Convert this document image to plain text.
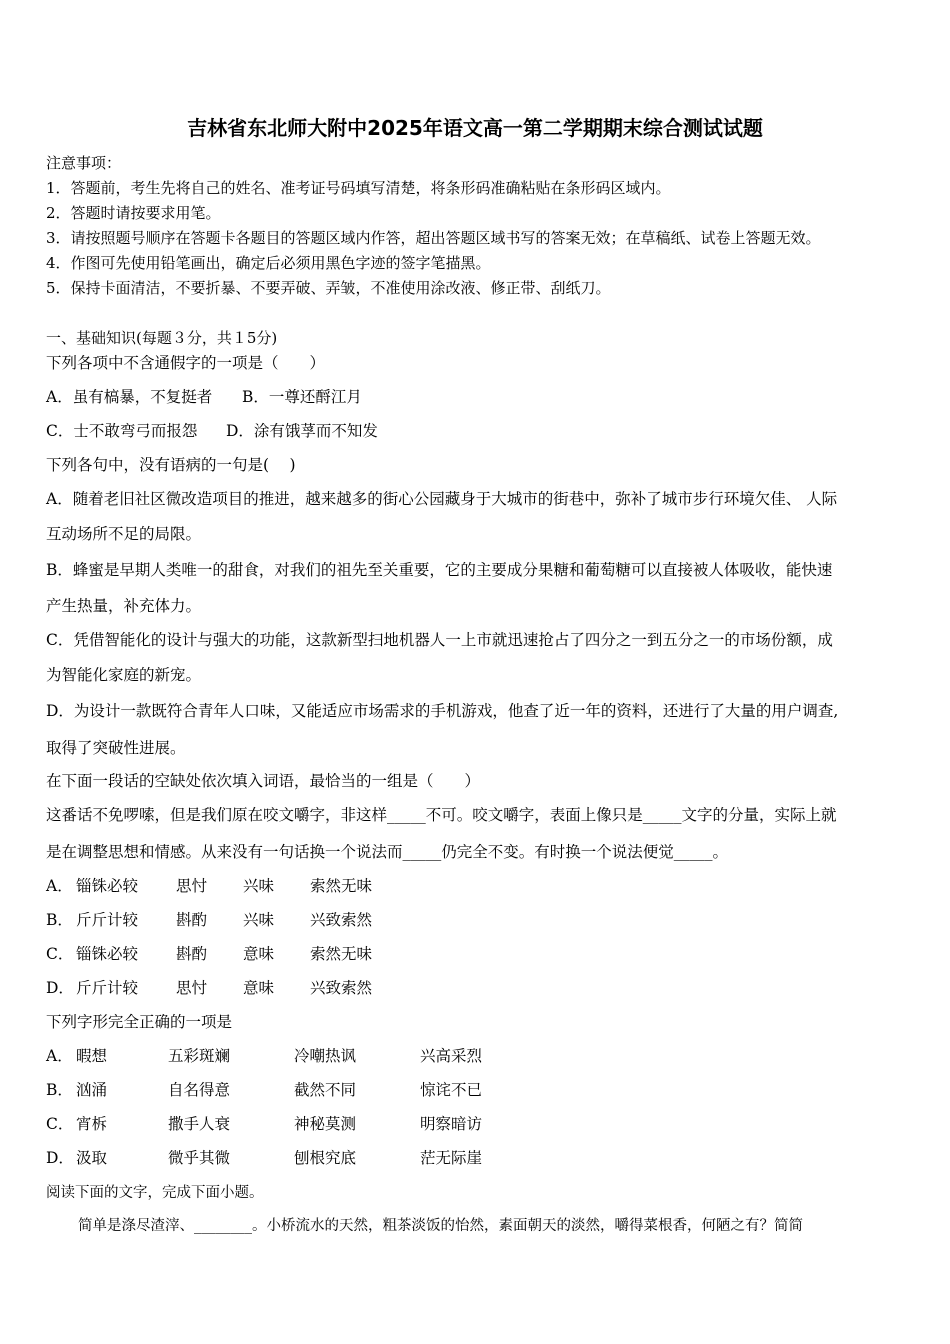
吉林省东北师大附中2025年语文高一第二学期期末综合测试试题
注意事项：
1．答题前，考生先将自己的姓名、准考证号码填写清楚，将条形码准确粘贴在条形码区域内。
2．答题时请按要求用笔。
3．请按照题号顺序在答题卡各题目的答题区域内作答，超出答题区域书写的答案无效；在草稿纸、试卷上答题无效。
4．作图可先使用铅笔画出，确定后必须用黑色字迹的签字笔描黑。
5．保持卡面清洁，不要折暴、不要弄破、弄皱，不准使用涂改液、修正带、刮纸刀。
一、基础知识(每题３分，共１5分)
下列各项中不含通假字的一项是（　　）
A．虽有槁暴，不复挺者 B．一尊还酹江月
C．士不敢弯弓而报怨 D．涂有饿莩而不知发
下列各句中，没有语病的一句是(　 )
A．随着老旧社区微改造项目的推进，越来越多的街心公园藏身于大城市的街巷中，弥补了城市步行环境欠佳、 人际
互动场所不足的局限。
B．蜂蜜是早期人类唯一的甜食，对我们的祖先至关重要，它的主要成分果糖和葡萄糖可以直接被人体吸收，能快速
产生热量，补充体力。
C．凭借智能化的设计与强大的功能，这款新型扫地机器人一上市就迅速抢占了四分之一到五分之一的市场份额，成
为智能化家庭的新宠。
D．为设计一款既符合青年人口味，又能适应市场需求的手机游戏，他查了近一年的资料，还进行了大量的用户调查,
取得了突破性进展。
在下面一段话的空缺处依次填入词语，最恰当的一组是（　　）
这番话不免啰嗦，但是我们原在咬文嚼字，非这样_____不可。咬文嚼字，表面上像只是_____文字的分量，实际上就
是在调整思想和情感。从来没有一句话换一个说法而_____仍完全不变。有时换一个说法便觉_____。
A． 锱铢必较 思忖 兴味 索然无味
B． 斤斤计较 斟酌 兴味 兴致索然
C． 锱铢必较 斟酌 意味 索然无味
D． 斤斤计较 思忖 意味 兴致索然
下列字形完全正确的一项是
A． 暇想	五彩斑斓	冷嘲热讽	兴高采烈
B． 汹涌	自名得意	截然不同	惊诧不已
C． 宵柝	撒手人衰	神秘莫测	明察暗访
D． 汲取	微乎其微	刨根究底	茫无际崖
阅读下面的文字，完成下面小题。
简单是涤尽渣滓、________。小桥流水的天然，粗茶淡饭的怡然，素面朝天的淡然，嚼得菜根香，何陋之有？简简
